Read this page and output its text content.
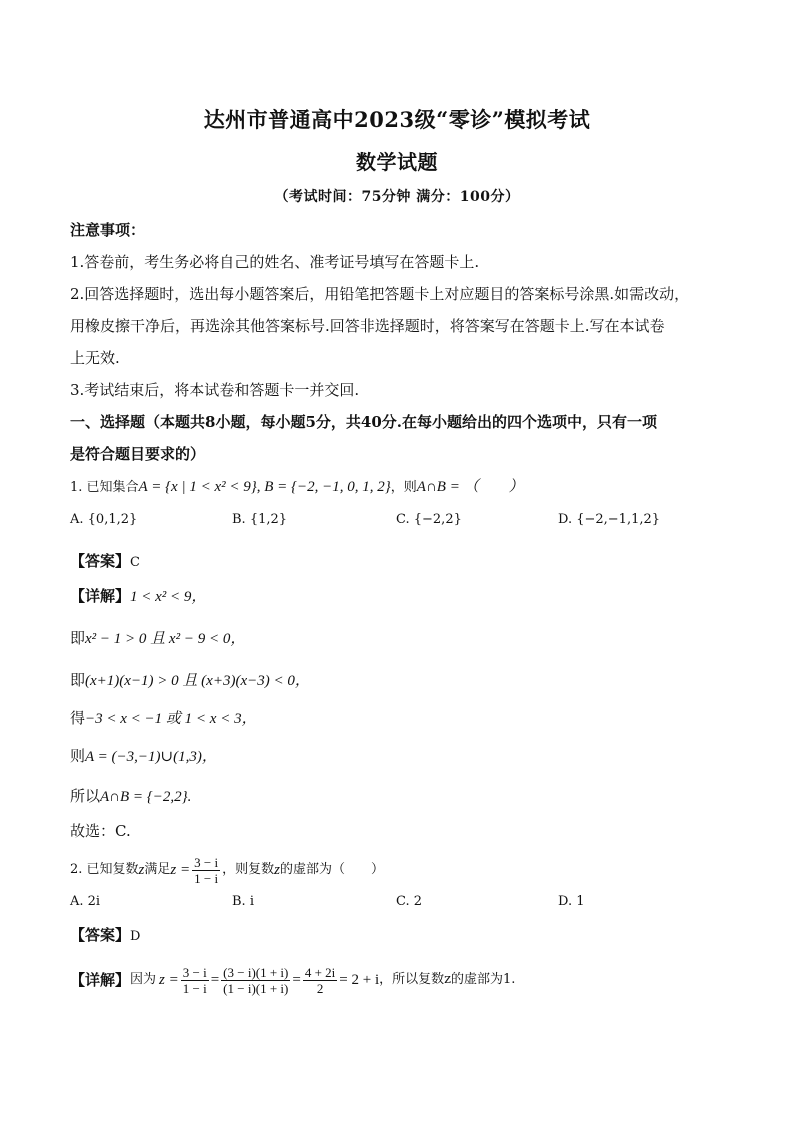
达州市普通高中2023级“零诊”模拟考试
数学试题
（考试时间：75分钟 满分：100分）
注意事项：
1.答卷前，考生务必将自己的姓名、准考证号填写在答题卡上.
2.回答选择题时，选出每小题答案后，用铅笔把答题卡上对应题目的答案标号涂黑.如需改动，
用橡皮擦干净后，再选涂其他答案标号.回答非选择题时，将答案写在答题卡上.写在本试卷
上无效.
3.考试结束后，将本试卷和答题卡一并交回.
一、选择题（本题共8小题，每小题5分，共40分.在每小题给出的四个选项中，只有一项
是符合题目要求的）
1. 已知集合A = {x | 1 < x² < 9}, B = {−2, −1, 0, 1, 2}，则A∩B = （　　）
A. {0,1,2}	B. {1,2}	C. {−2,2}	D. {−2,−1,1,2}
【答案】C
【详解】1 < x² < 9，
即x² − 1 > 0 且 x² − 9 < 0，
即(x+1)(x−1) > 0 且 (x+3)(x−3) < 0，
得−3 < x < −1 或 1 < x < 3，
则A = (−3,−1)∪(1,3)，
所以A∩B = {−2,2}.
故选：C.
2. 已知复数 z 满足 $z = \frac{3 - i}{1 - i}$ ，则复数 z 的虚部为（　　）
A. 2i	B. i	C. 2	D. 1
【答案】D
【详解】 因为 $z = \frac{3 - i}{1 - i} = \frac{(3 - i)(1 + i)}{(1 - i)(1 + i)} = \frac{4 + 2i}{2} = 2 + i$ ，所以复数z的虚部为1.
